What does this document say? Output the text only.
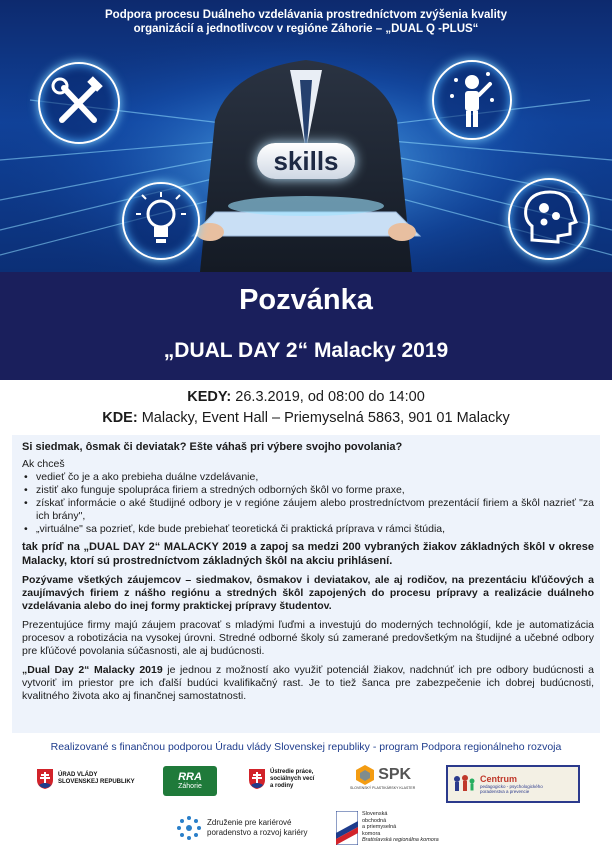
skills
Podpora procesu Duálneho vzdelávania prostredníctvom zvýšenia kvality
organizácií a jednotlivcov v regióne Záhorie – „DUAL Q -PLUS“
Pozvánka
„DUAL DAY 2“ Malacky 2019
KEDY: 26.3.2019, od 08:00 do 14:00
KDE: Malacky, Event Hall – Priemyselná 5863, 901 01 Malacky
Si siedmak, ôsmak či deviatak? Ešte váhaš pri výbere svojho povolania?
Ak chceš
• vedieť čo je a ako prebieha duálne vzdelávanie,
• zistiť ako funguje spolupráca firiem a stredných odborných škôl vo forme praxe,
• získať informácie o aké študijné odbory je v regióne záujem alebo prostredníctvom prezentácií firiem a škôl nazrieť "za ich brány",
• „virtuálne" sa pozrieť, kde bude prebiehať teoretická či praktická príprava v rámci štúdia,

tak príď na „DUAL DAY 2“ MALACKY 2019 a zapoj sa medzi 200 vybraných žiakov základných škôl v okrese Malacky, ktorí sú prostredníctvom základných škôl na akciu prihlásení.

Pozývame všetkých záujemcov – siedmakov, ôsmakov i deviatakov, ale aj rodičov, na prezentáciu kľúčových a zaujímavých firiem z nášho regiónu a stredných škôl zapojených do procesu prípravy a realizácie duálneho vzdelávania alebo do inej formy praktickej prípravy študentov.

Prezentujúce firmy majú záujem pracovať s mladými ľuďmi a investujú do moderných technológií, kde je automatizácia procesov a robotizácia na vysokej úrovni. Stredné odborné školy sú zamerané predovšetkým na študijné a učebné odbory pre kľúčové povolania súčasnosti, ale aj budúcnosti.

„Dual Day 2“ Malacky 2019 je jednou z možností ako využiť potenciál žiakov, nadchnúť ich pre odbory budúcnosti a vytvoriť im priestor pre ich ďalší budúci kvalifikačný rast. Je to tiež šanca pre zabezpečenie ich dobrej budúcnosti, kvalitného života ako aj finančnej samostatnosti.

Realizované s finančnou podporou Úradu vlády Slovenskej republiky - program Podpora regionálneho rozvoja
ÚRAD VLÁDY
SLOVENSKEJ REPUBLIKY	RRA
Záhorie
Ústredie práce,
sociálnych vecí
a rodiny
SPK
SLOVENSKÝ PLASTIKÁRSKY KLASTER
Centrum
pedagogicko - psychologického
poradenstva a prevencie
Združenie pre kariérové
poradenstvo a rozvoj kariéry
Slovenská
obchodná
a priemyselná
komora
Bratislavská regionálna komora
